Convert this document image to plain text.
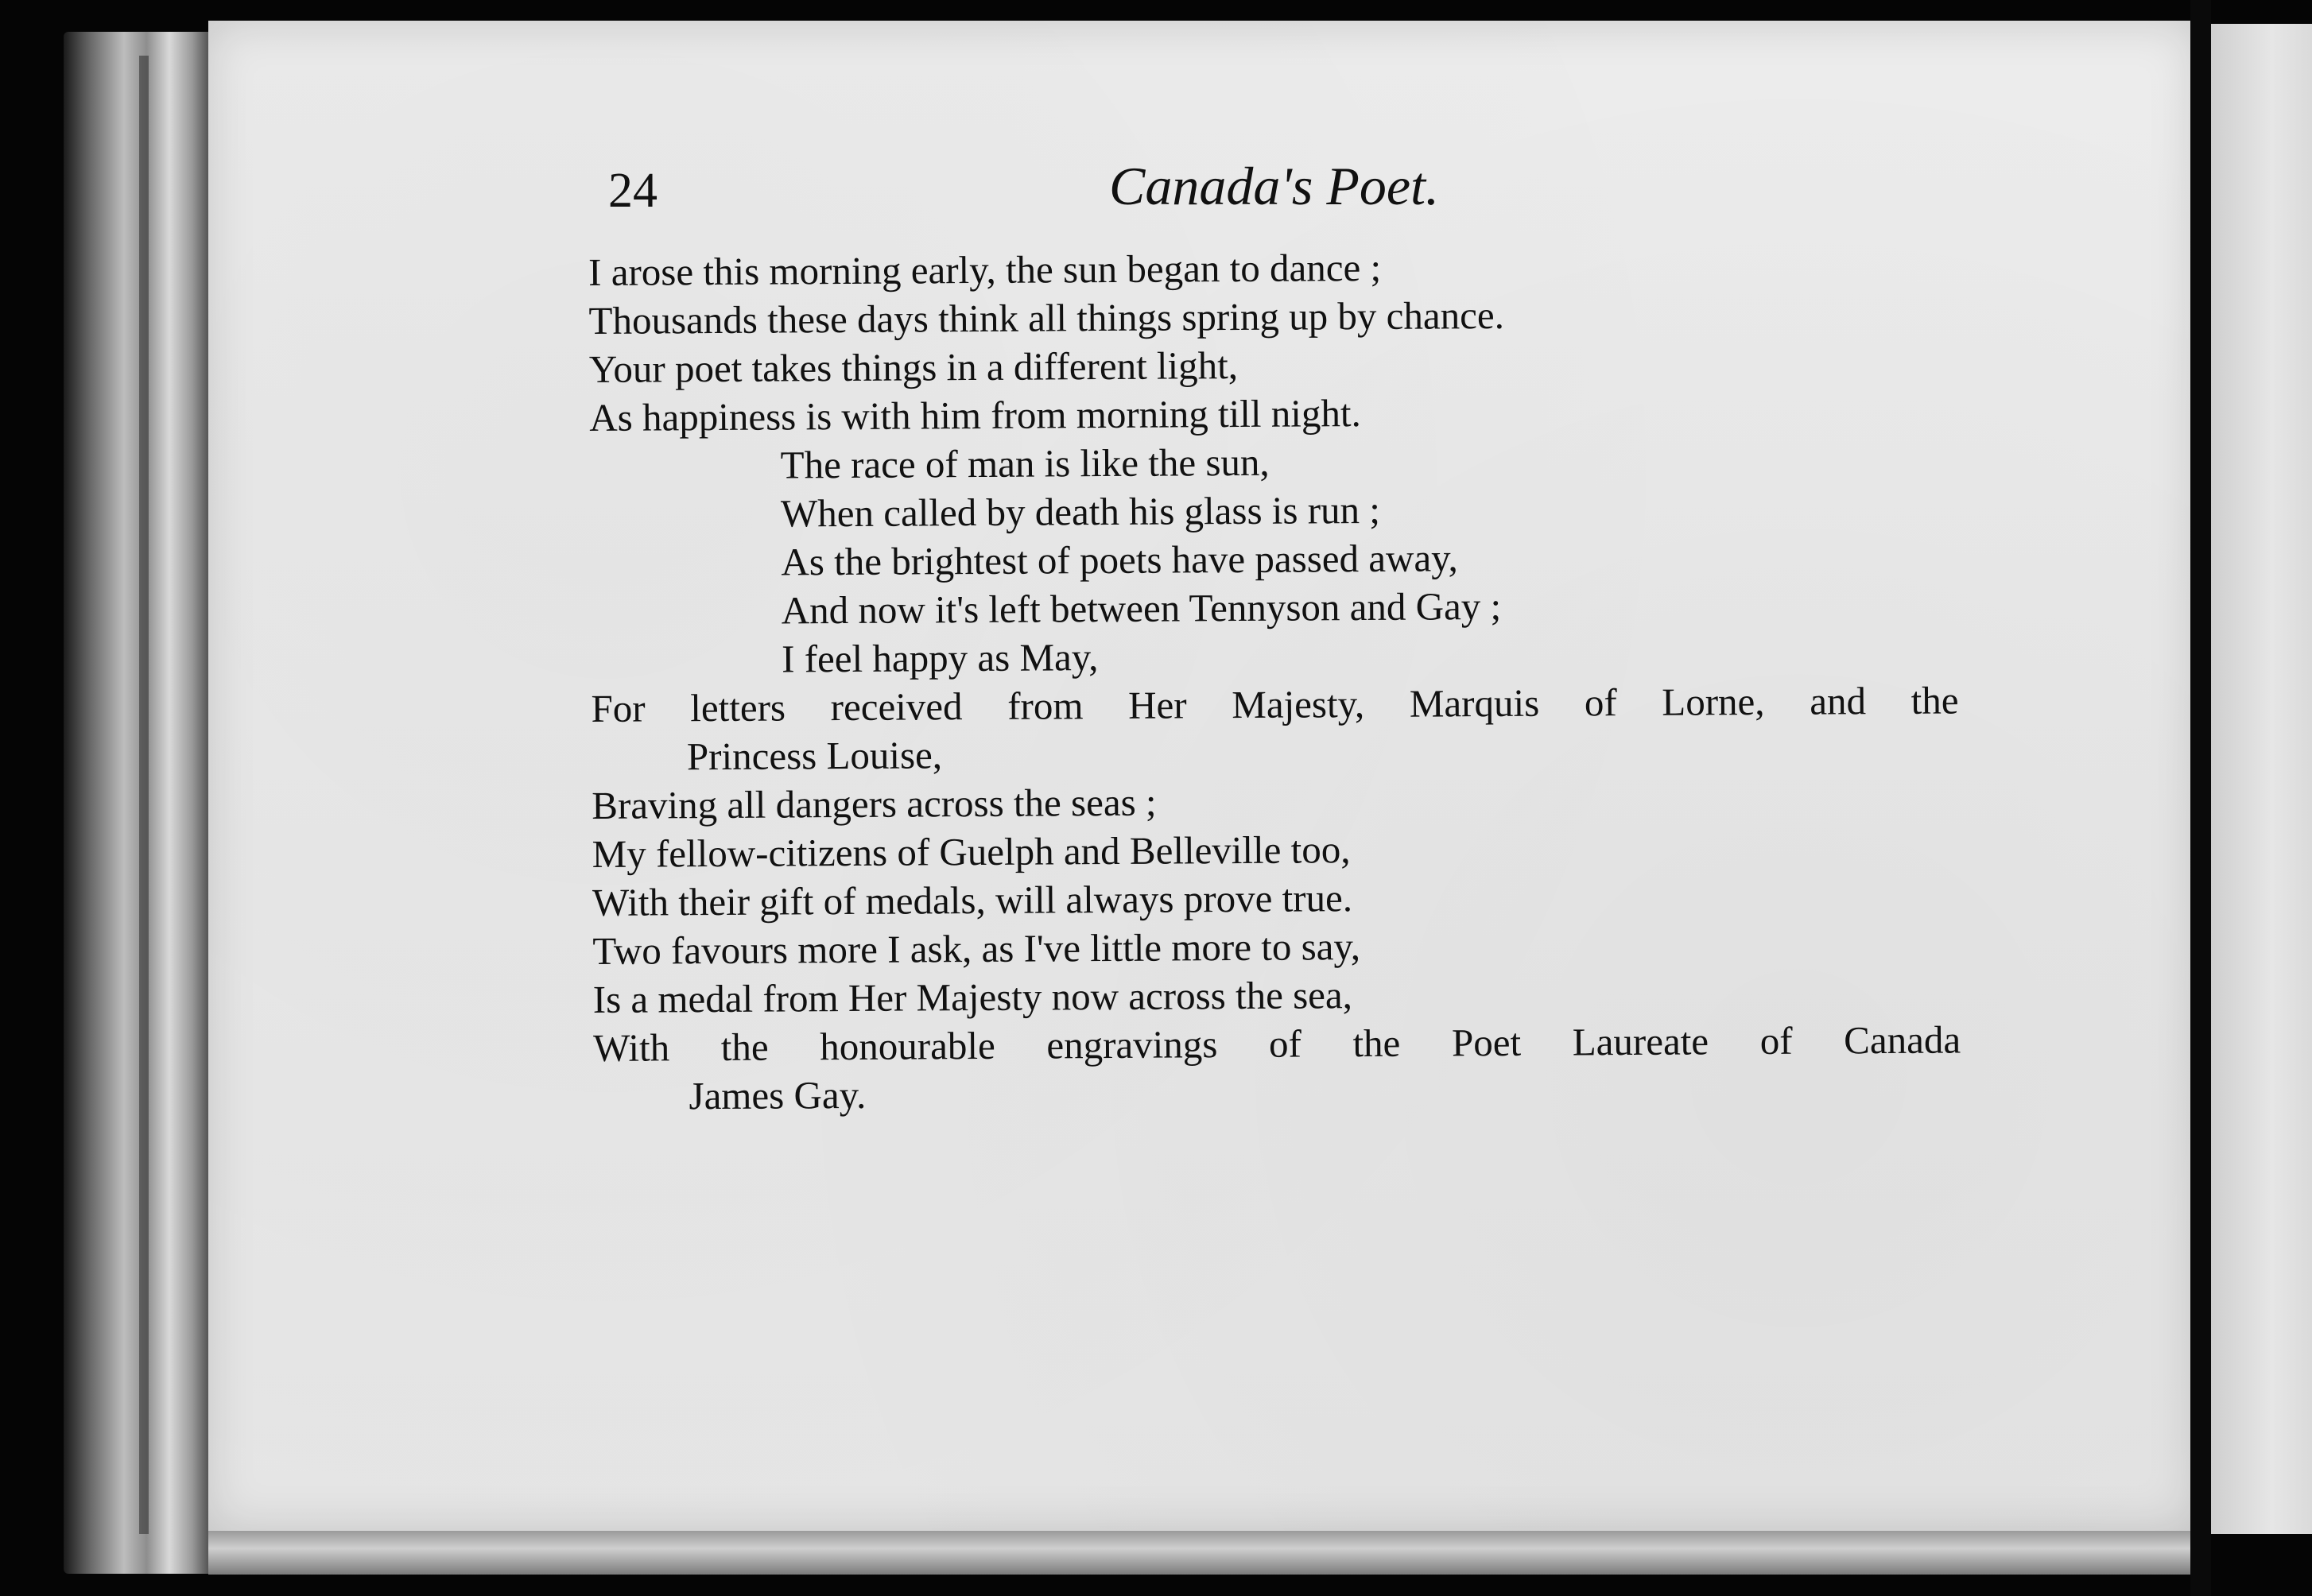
24	Canada's Poet.
I arose this morning early, the sun began to dance ;
Thousands these days think all things spring up by chance.
Your poet takes things in a different light,
As happiness is with him from morning till night.
The race of man is like the sun,
When called by death his glass is run ;
As the brightest of poets have passed away,
And now it's left between Tennyson and Gay ;
I feel happy as May,
For letters received from Her Majesty, Marquis of Lorne, and the
Princess Louise,
Braving all dangers across the seas ;
My fellow-citizens of Guelph and Belleville too,
With their gift of medals, will always prove true.
Two favours more I ask, as I've little more to say,
Is a medal from Her Majesty now across the sea,
With the honourable engravings of the Poet Laureate of Canada
James Gay.
